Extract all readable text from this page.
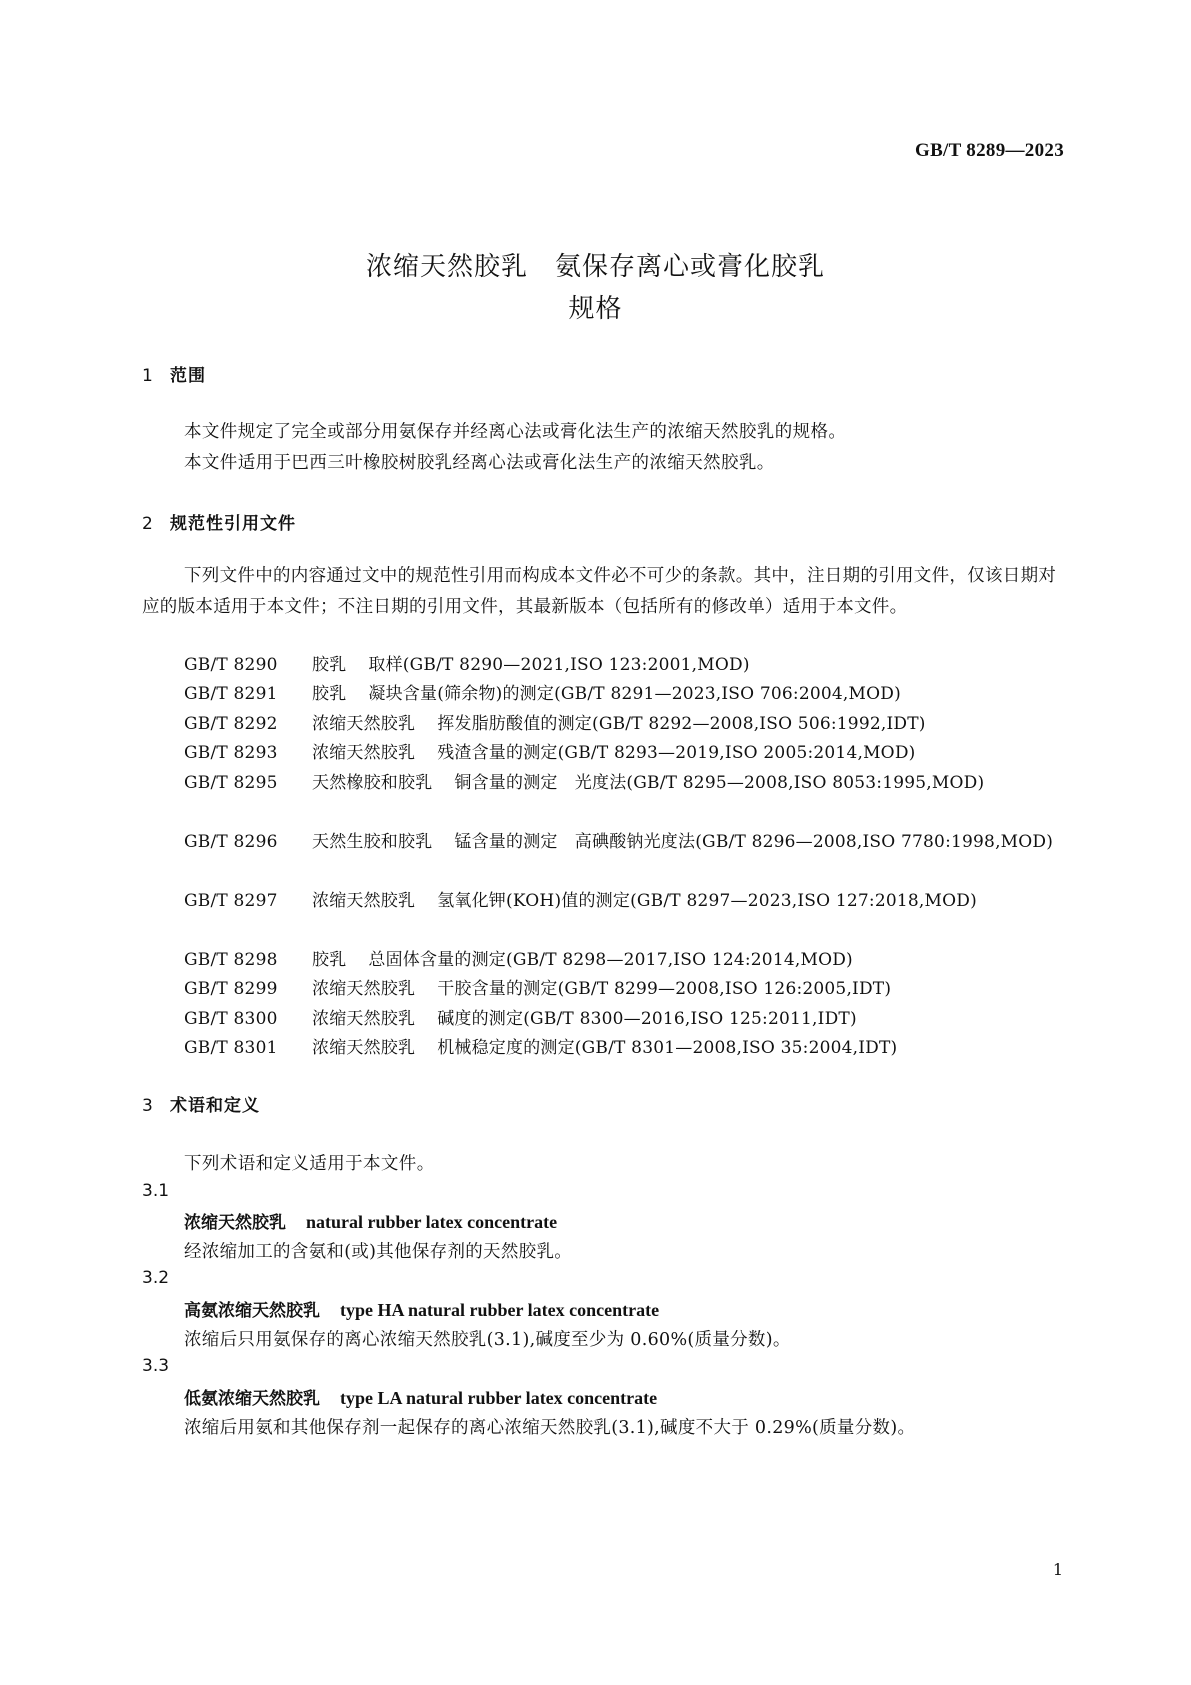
GB/T 8289—2023
浓缩天然胶乳　氨保存离心或膏化胶乳
规格
1 范围
本文件规定了完全或部分用氨保存并经离心法或膏化法生产的浓缩天然胶乳的规格。
本文件适用于巴西三叶橡胶树胶乳经离心法或膏化法生产的浓缩天然胶乳。
2 规范性引用文件
下列文件中的内容通过文中的规范性引用而构成本文件必不可少的条款。其中，注日期的引用文件，仅该日期对应的版本适用于本文件；不注日期的引用文件，其最新版本（包括所有的修改单）适用于本文件。
GB/T 8290 胶乳 取样(GB/T 8290—2021,ISO 123:2001,MOD)
GB/T 8291 胶乳 凝块含量(筛余物)的测定(GB/T 8291—2023,ISO 706:2004,MOD)
GB/T 8292 浓缩天然胶乳 挥发脂肪酸值的测定(GB/T 8292—2008,ISO 506:1992,IDT)
GB/T 8293 浓缩天然胶乳 残渣含量的测定(GB/T 8293—2019,ISO 2005:2014,MOD)
GB/T 8295 天然橡胶和胶乳 铜含量的测定　光度法(GB/T 8295—2008,ISO 8053:1995,MOD)
GB/T 8296 天然生胶和胶乳 锰含量的测定　高碘酸钠光度法(GB/T 8296—2008,ISO 7780:1998,MOD)
GB/T 8297 浓缩天然胶乳 氢氧化钾(KOH)值的测定(GB/T 8297—2023,ISO 127:2018,MOD)
GB/T 8298 胶乳 总固体含量的测定(GB/T 8298—2017,ISO 124:2014,MOD)
GB/T 8299 浓缩天然胶乳 干胶含量的测定(GB/T 8299—2008,ISO 126:2005,IDT)
GB/T 8300 浓缩天然胶乳 碱度的测定(GB/T 8300—2016,ISO 125:2011,IDT)
GB/T 8301 浓缩天然胶乳 机械稳定度的测定(GB/T 8301—2008,ISO 35:2004,IDT)
3 术语和定义
下列术语和定义适用于本文件。
3.1
浓缩天然胶乳 natural rubber latex concentrate
经浓缩加工的含氨和(或)其他保存剂的天然胶乳。
3.2
高氨浓缩天然胶乳 type HA natural rubber latex concentrate
浓缩后只用氨保存的离心浓缩天然胶乳(3.1),碱度至少为 0.60%(质量分数)。
3.3
低氨浓缩天然胶乳 type LA natural rubber latex concentrate
浓缩后用氨和其他保存剂一起保存的离心浓缩天然胶乳(3.1),碱度不大于 0.29%(质量分数)。
1
